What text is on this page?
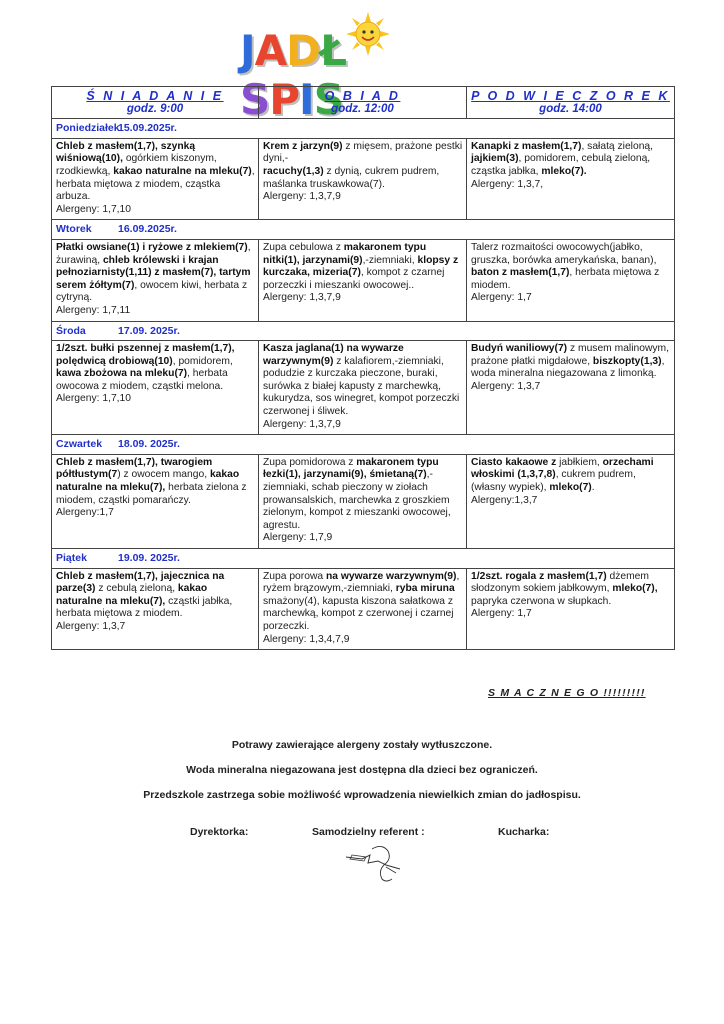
JADŁSPIS
Ś N I A D A N I E
godz. 9:00	O B I A D
godz. 12:00	P O D W I E C Z O R E K
godz. 14:00

Poniedziałek15.09.2025r.		
Chleb z masłem(1,7), szynką wiśniową(10), ogórkiem kiszonym, rzodkiewką, kakao naturalne na mleku(7), herbata miętowa z miodem, cząstka arbuza.
Alergeny: 1,7,10	Krem z jarzyn(9) z mięsem, prażone pestki dyni,-
racuchy(1,3) z dynią, cukrem pudrem, maślanka truskawkowa(7).
Alergeny: 1,3,7,9	Kanapki z masłem(1,7), sałatą zieloną, jajkiem(3), pomidorem, cebulą zieloną, cząstka jabłka, mleko(7).
Alergeny: 1,3,7,
Wtorek 16.09.2025r.		
Płatki owsiane(1) i ryżowe z mlekiem(7), żurawiną, chleb królewski i krajan pełnoziarnisty(1,11) z masłem(7), tartym serem żółtym(7), owocem kiwi, herbata z cytryną.
Alergeny: 1,7,11	Zupa cebulowa z makaronem typu nitki(1), jarzynami(9),-ziemniaki, klopsy z kurczaka, mizeria(7), kompot z czarnej porzeczki i mieszanki owocowej..
Alergeny: 1,3,7,9	Talerz rozmaitości owocowych(jabłko, gruszka, borówka amerykańska, banan), baton z masłem(1,7), herbata miętowa z miodem.
Alergeny: 1,7
Środa 17.09. 2025r.		
1/2szt. bułki pszennej z masłem(1,7), polędwicą drobiową(10), pomidorem, kawa zbożowa na mleku(7), herbata owocowa z miodem, cząstki melona.
Alergeny: 1,7,10	Kasza jaglana(1) na wywarze warzywnym(9) z kalafiorem,-ziemniaki, podudzie z kurczaka pieczone, buraki, surówka z białej kapusty z marchewką, kukurydza, sos winegret, kompot porzeczki czerwonej i śliwek.
Alergeny: 1,3,7,9	Budyń waniliowy(7) z musem malinowym, prażone płatki migdałowe, biszkopty(1,3), woda mineralna niegazowana z limonką.
Alergeny: 1,3,7
Czwartek 18.09. 2025r.		
Chleb z masłem(1,7), twarogiem półtłustym(7) z owocem mango, kakao naturalne na mleku(7), herbata zielona z miodem, cząstki pomarańczy.
Alergeny:1,7	Zupa pomidorowa z makaronem typu łezki(1), jarzynami(9), śmietaną(7),-ziemniaki, schab pieczony w ziołach prowansalskich, marchewka z groszkiem zielonym, kompot z mieszanki owocowej, agrestu.
Alergeny: 1,7,9	Ciasto kakaowe z jabłkiem, orzechami włoskimi (1,3,7,8), cukrem pudrem, (własny wypiek), mleko(7).
Alergeny:1,3,7
Piątek 19.09. 2025r.		
Chleb z masłem(1,7), jajecznica na parze(3) z cebulą zieloną, kakao naturalne na mleku(7), cząstki jabłka, herbata miętowa z miodem.
Alergeny: 1,3,7	Zupa porowa na wywarze warzywnym(9), ryżem brązowym,-ziemniaki, ryba miruna smażony(4), kapusta kiszona sałatkowa z marchewką, kompot z czerwonej i czarnej porzeczki.
Alergeny: 1,3,4,7,9	1/2szt. rogala z masłem(1,7) dżemem słodzonym sokiem jabłkowym, mleko(7), papryka czerwona w słupkach.
Alergeny: 1,7
S M A C Z N E G O !!!!!!!!!
Potrawy zawierające alergeny zostały wytłuszczone.
Woda mineralna niegazowana jest dostępna dla dzieci bez ograniczeń.
Przedszkole zastrzega sobie możliwość wprowadzenia niewielkich zmian do jadłospisu.
Dyrektorka:	Samodzielny referent :	Kucharka:
